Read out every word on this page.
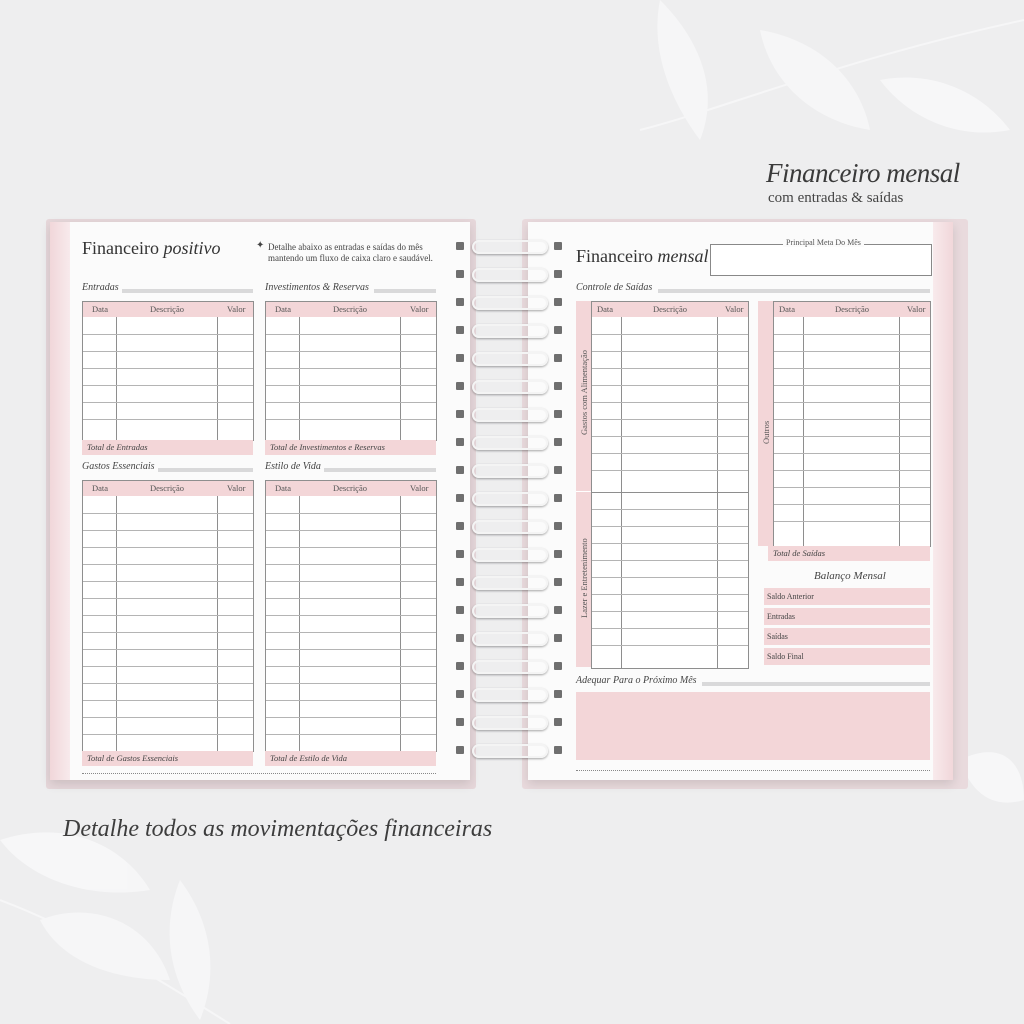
Financeiro mensal
com entradas & saídas
Financeiro positivo	✦ Detalhe abaixo as entradas e saídas do mês
mantendo um fluxo de caixa claro e saudável.
Entradas
Data	Descrição	Valor
Total de Entradas
Investimentos & Reservas
Data	Descrição	Valor
Total de Investimentos e Reservas
Gastos Essenciais
Data	Descrição	Valor
Total de Gastos Essenciais
Estilo de Vida
Data	Descrição	Valor
Total de Estilo de Vida
Financeiro mensal
Principal Meta Do Mês
Controle de Saídas
Gastos com Alimentação
Lazer e Entretenimento
Data	Descrição	Valor
Outros
Data	Descrição	Valor
Total de Saídas
Balanço Mensal
Saldo Anterior
Entradas
Saídas
Saldo Final
Adequar Para o Próximo Mês
Detalhe todos as movimentações financeiras
